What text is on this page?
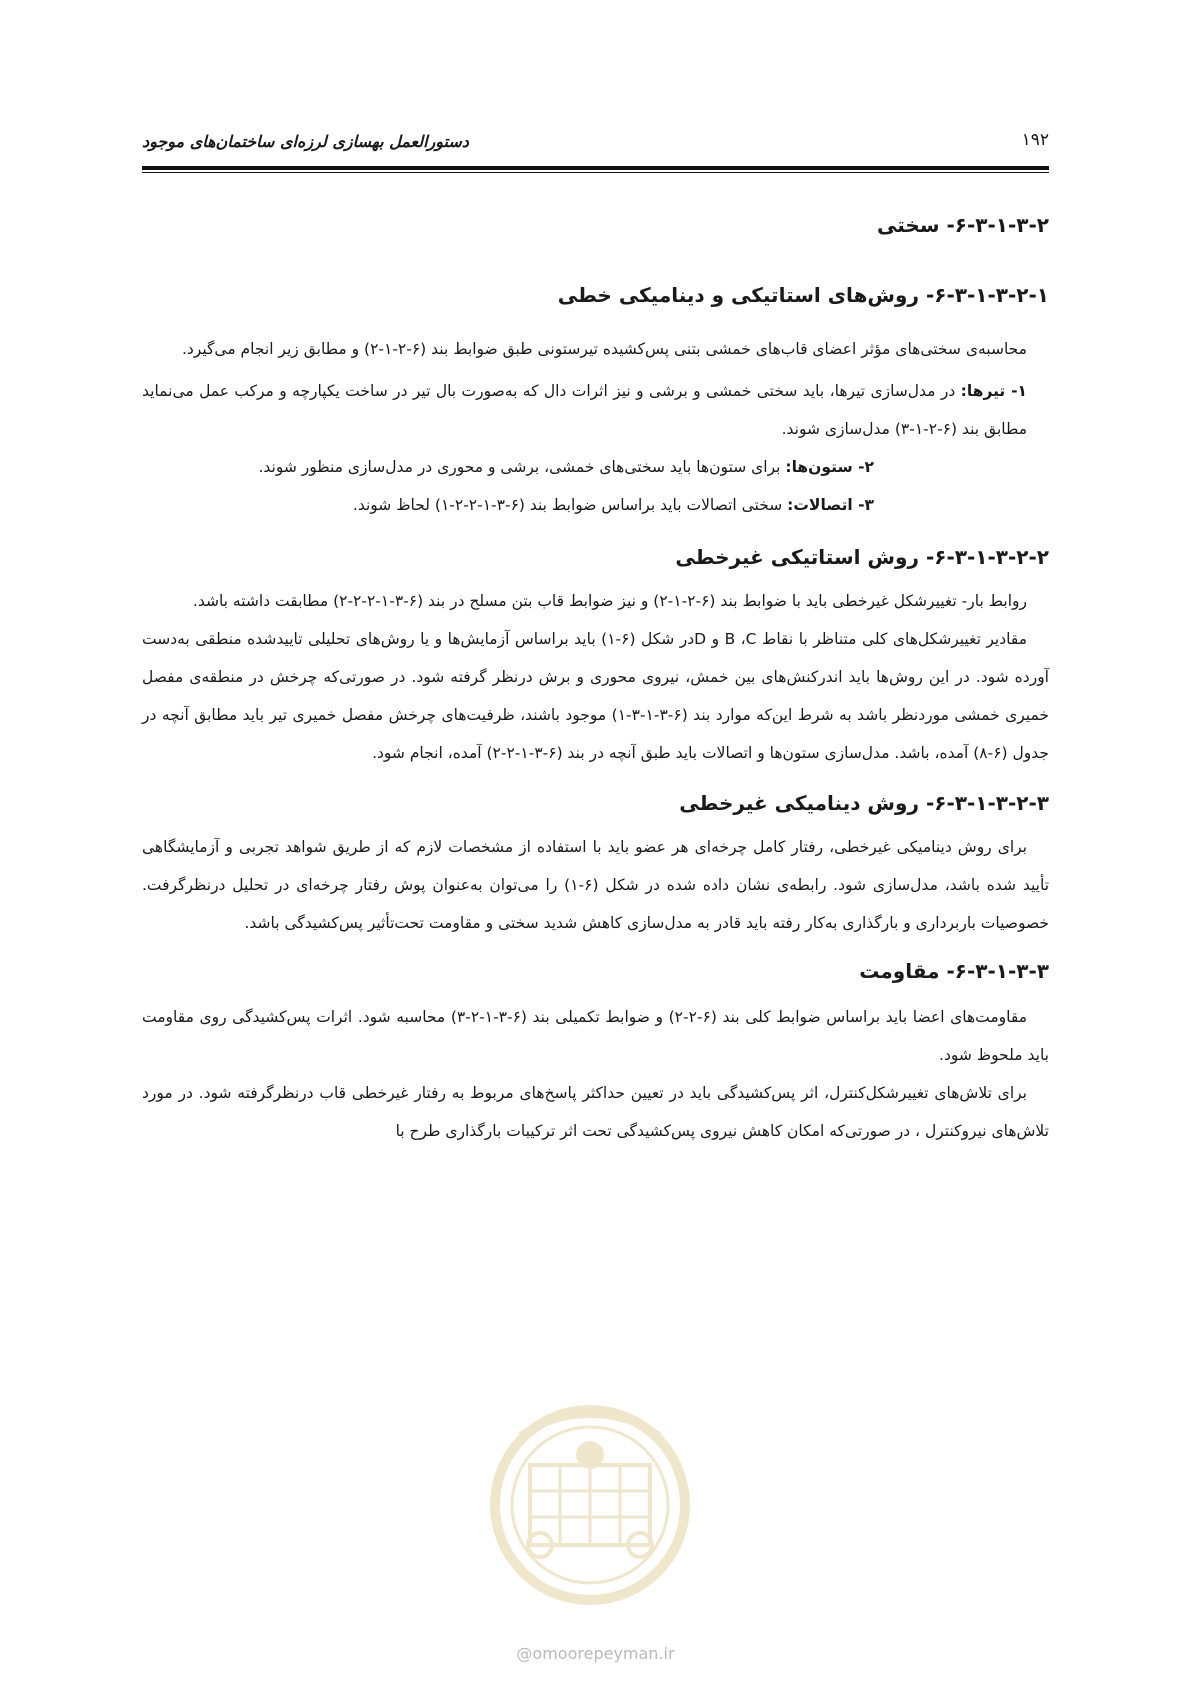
دستورالعمل بهسازی لرزه‌ای ساختمان‌های موجود	۱۹۲
۶-۳-۱-۳-۲- سختی
۶-۳-۱-۳-۲-۱- روش‌های استاتیکی و دینامیکی خطی

محاسبه‌ی سختی‌های مؤثر اعضای قاب‌های خمشی بتنی پس‌کشیده تیرستونی طبق ضوابط بند (۶-۲-۱-۲) و مطابق زیر انجام می‌گیرد.

۱- تیرها: در مدل‌سازی تیرها، باید سختی خمشی و برشی و نیز اثرات دال که به‌صورت بال تیر در ساخت یکپارچه و مرکب عمل می‌نماید مطابق بند (۶-۲-۱-۳) مدل‌سازی شوند.

۲- ستون‌ها: برای ستون‌ها باید سختی‌های خمشی، برشی و محوری در مدل‌سازی منظور شوند.

۳- اتصالات: سختی اتصالات باید براساس ضوابط بند (۶-۳-۱-۲-۲-۱) لحاظ شوند.

۶-۳-۱-۳-۲-۲- روش استاتیکی غیرخطی

روابط بار- تغییرشکل غیرخطی باید با ضوابط بند (۶-۲-۱-۲) و نیز ضوابط قاب بتن مسلح در بند (۶-۳-۱-۲-۲-۲) مطابقت داشته باشد.

مقادیر تغییرشکل‌های کلی متناظر با نقاط B ،C و Dدر شکل (۶-۱) باید براساس آزمایش‌ها و یا روش‌های تحلیلی تاییدشده منطقی به‌دست آورده شود. در این روش‌ها باید اندرکنش‌های بین خمش، نیروی محوری و برش درنظر گرفته شود. در صورتی‌که چرخش در منطقه‌ی مفصل خمیری خمشی موردنظر باشد به شرط این‌که موارد بند (۶-۳-۱-۳-۱) موجود باشند، ظرفیت‌های چرخش مفصل خمیری تیر باید مطابق آنچه در جدول (۶-۸) آمده، باشد. مدل‌سازی ستون‌ها و اتصالات باید طبق آنچه در بند (۶-۳-۱-۲-۲) آمده، انجام شود.

۶-۳-۱-۳-۲-۳- روش دینامیکی غیرخطی

برای روش دینامیکی غیرخطی، رفتار کامل چرخه‌ای هر عضو باید با استفاده از مشخصات لازم که از طریق شواهد تجربی و آزمایشگاهی تأیید شده باشد، مدل‌سازی شود. رابطه‌ی نشان داده شده در شکل (۶-۱) را می‌توان به‌عنوان پوش رفتار چرخه‌ای در تحلیل درنظرگرفت. خصوصیات باربرداری و بارگذاری به‌کار رفته باید قادر به مدل‌سازی کاهش شدید سختی و مقاومت تحت‌تأثیر پس‌کشیدگی باشد.

۶-۳-۱-۳-۳- مقاومت

مقاومت‌های اعضا باید براساس ضوابط کلی بند (۶-۲-۲) و ضوابط تکمیلی بند (۶-۳-۱-۲-۳) محاسبه شود. اثرات پس‌کشیدگی روی مقاومت باید ملحوظ شود.

برای تلاش‌های تغییرشکل‌کنترل، اثر پس‌کشیدگی باید در تعیین حداکثر پاسخ‌های مربوط به رفتار غیرخطی قاب درنظرگرفته شود. در مورد تلاش‌های نیروکنترل ، در صورتی‌که امکان کاهش نیروی پس‌کشیدگی تحت اثر ترکیبات بارگذاری طرح با

@omoorepeyman.ir
